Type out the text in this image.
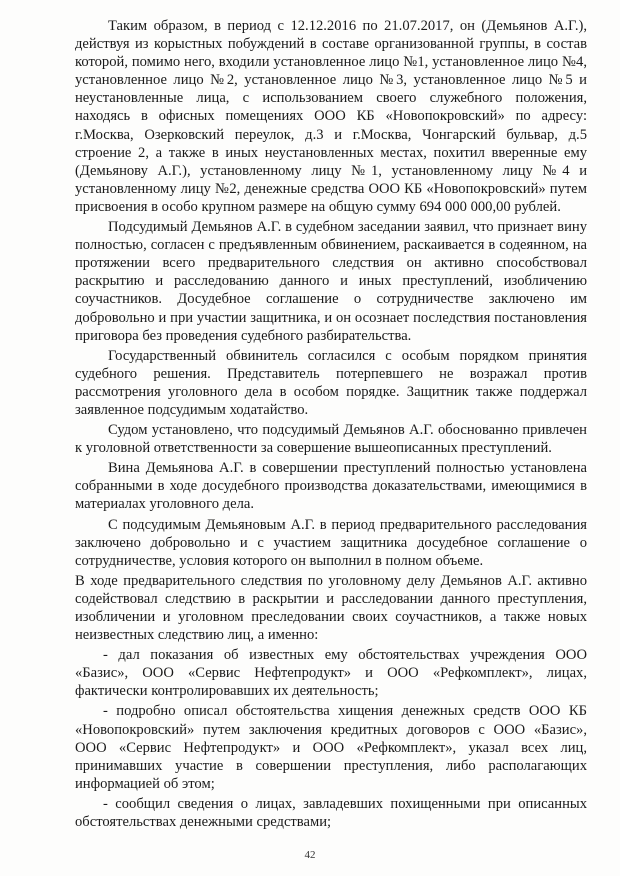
Таким образом, в период с 12.12.2016 по 21.07.2017, он (Демьянов А.Г.), действуя из корыстных побуждений в составе организованной группы, в состав которой, помимо него, входили установленное лицо №1, установленное лицо №4, установленное лицо №2, установленное лицо №3, установленное лицо №5 и неустановленные лица, с использованием своего служебного положения, находясь в офисных помещениях ООО КБ «Новопокровский» по адресу: г.Москва, Озерковский переулок, д.3 и г.Москва, Чонгарский бульвар, д.5 строение 2, а также в иных неустановленных местах, похитил вверенные ему (Демьянову А.Г.), установленному лицу №1, установленному лицу №4 и установленному лицу №2, денежные средства ООО КБ «Новопокровский» путем присвоения в особо крупном размере на общую сумму 694 000 000,00 рублей.

Подсудимый Демьянов А.Г. в судебном заседании заявил, что признает вину полностью, согласен с предъявленным обвинением, раскаивается в содеянном, на протяжении всего предварительного следствия он активно способствовал раскрытию и расследованию данного и иных преступлений, изобличению соучастников. Досудебное соглашение о сотрудничестве заключено им добровольно и при участии защитника, и он осознает последствия постановления приговора без проведения судебного разбирательства.

Государственный обвинитель согласился с особым порядком принятия судебного решения. Представитель потерпевшего не возражал против рассмотрения уголовного дела в особом порядке. Защитник также поддержал заявленное подсудимым ходатайство.

Судом установлено, что подсудимый Демьянов А.Г. обоснованно привлечен к уголовной ответственности за совершение вышеописанных преступлений.

Вина Демьянова А.Г. в совершении преступлений полностью установлена собранными в ходе досудебного производства доказательствами, имеющимися в материалах уголовного дела.

С подсудимым Демьяновым А.Г. в период предварительного расследования заключено добровольно и с участием защитника досудебное соглашение о сотрудничестве, условия которого он выполнил в полном объеме.

В ходе предварительного следствия по уголовному делу Демьянов А.Г. активно содействовал следствию в раскрытии и расследовании данного преступления, изобличении и уголовном преследовании своих соучастников, а также новых неизвестных следствию лиц, а именно:

- дал показания об известных ему обстоятельствах учреждения ООО «Базис», ООО «Сервис Нефтепродукт» и ООО «Рефкомплект», лицах, фактически контролировавших их деятельность;

- подробно описал обстоятельства хищения денежных средств ООО КБ «Новопокровский» путем заключения кредитных договоров с ООО «Базис», ООО «Сервис Нефтепродукт» и ООО «Рефкомплект», указал всех лиц, принимавших участие в совершении преступления, либо располагающих информацией об этом;

- сообщил сведения о лицах, завладевших похищенными при описанных обстоятельствах денежными средствами;

42
